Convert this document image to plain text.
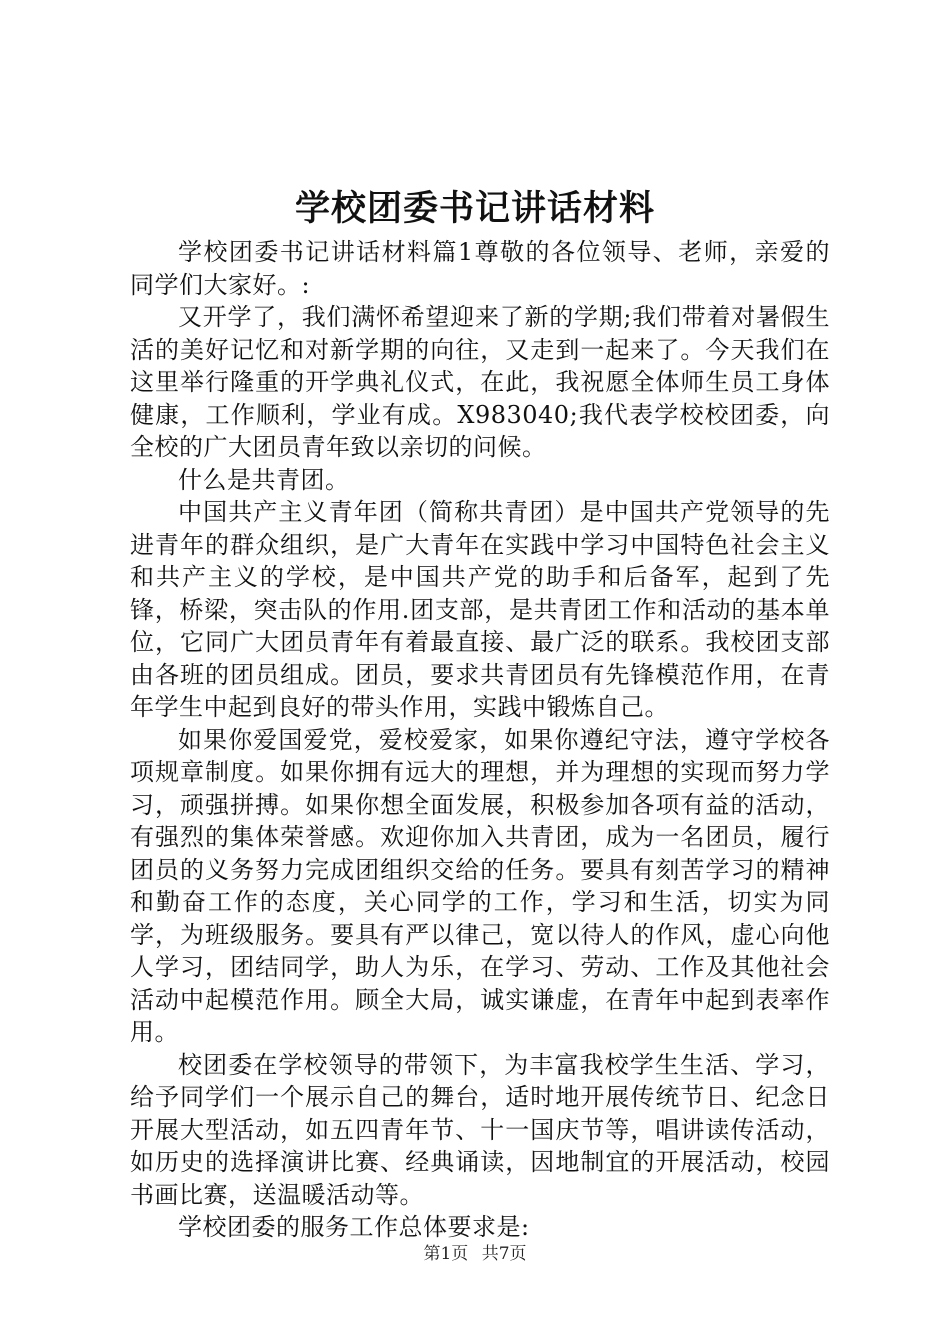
学校团委书记讲话材料

学校团委书记讲话材料篇1尊敬的各位领导、老师，亲爱的同学们大家好。:

又开学了，我们满怀希望迎来了新的学期;我们带着对暑假生活的美好记忆和对新学期的向往，又走到一起来了。今天我们在这里举行隆重的开学典礼仪式，在此，我祝愿全体师生员工身体健康，工作顺利，学业有成。X983040;我代表学校校团委，向全校的广大团员青年致以亲切的问候。

什么是共青团。

中国共产主义青年团（简称共青团）是中国共产党领导的先进青年的群众组织，是广大青年在实践中学习中国特色社会主义和共产主义的学校，是中国共产党的助手和后备军，起到了先锋，桥梁，突击队的作用.团支部，是共青团工作和活动的基本单位，它同广大团员青年有着最直接、最广泛的联系。我校团支部由各班的团员组成。团员，要求共青团员有先锋模范作用，在青年学生中起到良好的带头作用，实践中锻炼自己。

如果你爱国爱党，爱校爱家，如果你遵纪守法，遵守学校各项规章制度。如果你拥有远大的理想，并为理想的实现而努力学习，顽强拼搏。如果你想全面发展，积极参加各项有益的活动，有强烈的集体荣誉感。欢迎你加入共青团，成为一名团员，履行团员的义务努力完成团组织交给的任务。要具有刻苦学习的精神和勤奋工作的态度，关心同学的工作，学习和生活，切实为同学，为班级服务。要具有严以律己，宽以待人的作风，虚心向他人学习，团结同学，助人为乐，在学习、劳动、工作及其他社会活动中起模范作用。顾全大局，诚实谦虚，在青年中起到表率作用。

校团委在学校领导的带领下，为丰富我校学生生活、学习，给予同学们一个展示自己的舞台，适时地开展传统节日、纪念日开展大型活动，如五四青年节、十一国庆节等，唱讲读传活动，如历史的选择演讲比赛、经典诵读，因地制宜的开展活动，校园书画比赛，送温暖活动等。

学校团委的服务工作总体要求是:

第1页 共7页
